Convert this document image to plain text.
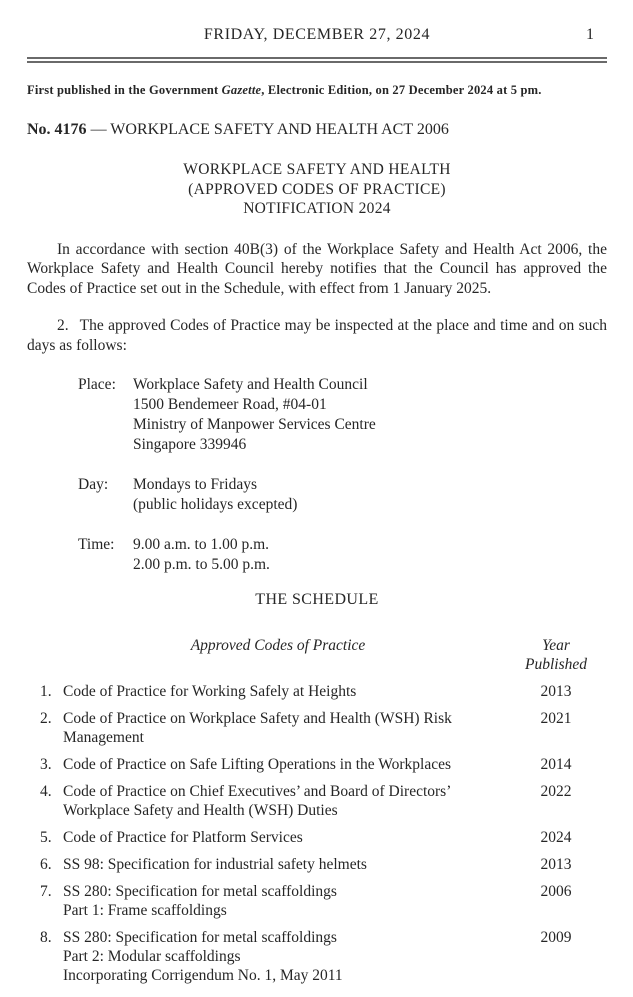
FRIDAY, DECEMBER 27, 2024	1
First published in the Government Gazette, Electronic Edition, on 27 December 2024 at 5 pm.
No. 4176 — WORKPLACE SAFETY AND HEALTH ACT 2006
WORKPLACE SAFETY AND HEALTH
(APPROVED CODES OF PRACTICE)
NOTIFICATION 2024
In accordance with section 40B(3) of the Workplace Safety and Health Act 2006, the Workplace Safety and Health Council hereby notifies that the Council has approved the Codes of Practice set out in the Schedule, with effect from 1 January 2025.
2. The approved Codes of Practice may be inspected at the place and time and on such days as follows:
Place:	Workplace Safety and Health Council
1500 Bendemeer Road, #04-01
Ministry of Manpower Services Centre
Singapore 339946
Day:	Mondays to Fridays
(public holidays excepted)
Time:	9.00 a.m. to 1.00 p.m.
2.00 p.m. to 5.00 p.m.
THE SCHEDULE
Approved Codes of Practice	Year
Published
1. Code of Practice for Working Safely at Heights	2013
2. Code of Practice on Workplace Safety and Health (WSH) Risk
Management
2021
3. Code of Practice on Safe Lifting Operations in the Workplaces	2014
4. Code of Practice on Chief Executives’ and Board of Directors’
Workplace Safety and Health (WSH) Duties
2022
5. Code of Practice for Platform Services	2024
6. SS 98: Specification for industrial safety helmets	2013
7. SS 280: Specification for metal scaffoldings
Part 1: Frame scaffoldings
2006
8. SS 280: Specification for metal scaffoldings
Part 2: Modular scaffoldings
Incorporating Corrigendum No. 1, May 2011
2009
